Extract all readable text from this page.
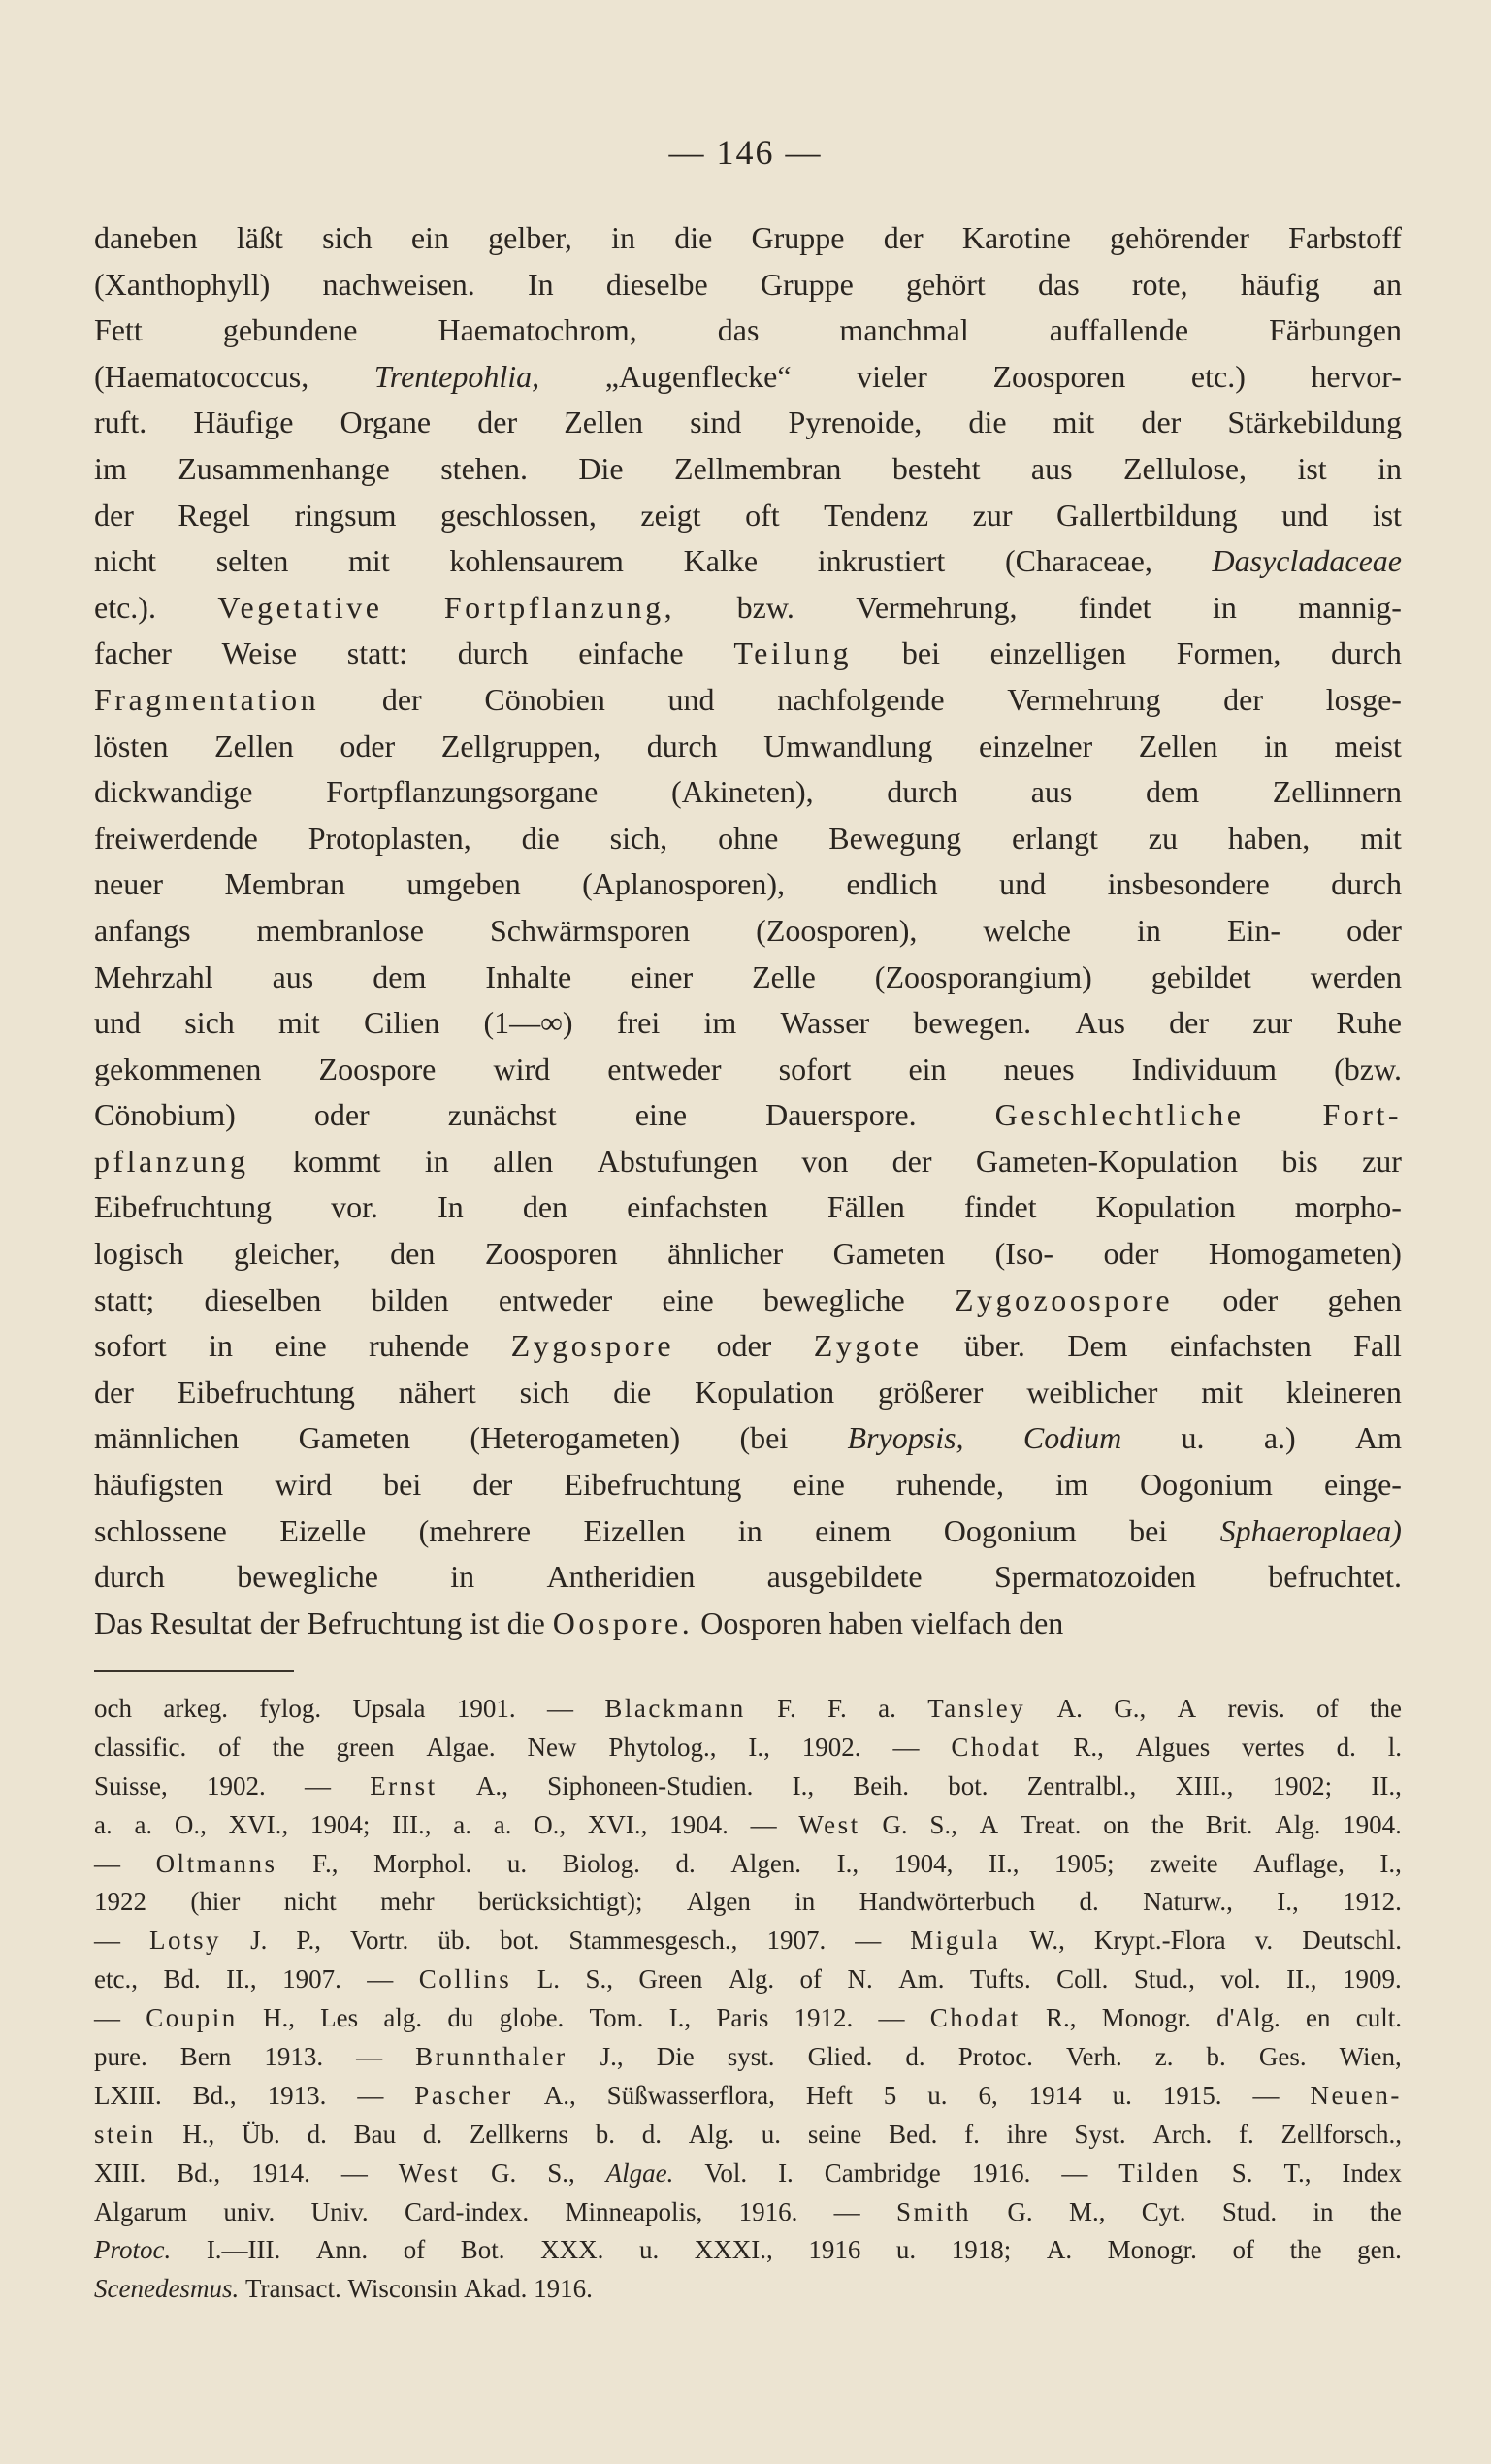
— 146 —
daneben läßt sich ein gelber, in die Gruppe der Karotine gehörender Farbstoff
(Xanthophyll) nachweisen. In dieselbe Gruppe gehört das rote, häufig an
Fett	gebundene	Haematochrom,	das	manchmal	auffallende	Färbungen
(Haematococcus, Trentepohlia, „Augenflecke“ vieler Zoosporen etc.) hervor-
ruft. Häufige Organe der Zellen sind Pyrenoide, die mit der Stärkebildung
im Zusammenhange stehen. Die Zellmembran besteht aus Zellulose, ist in
der Regel ringsum geschlossen, zeigt oft Tendenz zur Gallertbildung und ist
nicht selten mit kohlensaurem Kalke inkrustiert (Characeae, Dasycladaceae
etc.). Vegetative Fortpflanzung, bzw. Vermehrung, findet in mannig-
facher Weise statt: durch einfache Teilung bei einzelligen Formen, durch
Fragmentation der Cönobien und nachfolgende Vermehrung der losge-
lösten Zellen oder Zellgruppen, durch Umwandlung einzelner Zellen in meist
dickwandige Fortpflanzungsorgane (Akineten), durch aus dem Zellinnern
freiwerdende Protoplasten, die sich, ohne Bewegung erlangt zu haben, mit
neuer Membran umgeben (Aplanosporen), endlich und insbesondere durch
anfangs membranlose Schwärmsporen (Zoosporen), welche in Ein- oder
Mehrzahl aus dem Inhalte einer Zelle (Zoosporangium) gebildet werden
und sich mit Cilien (1—∞) frei im Wasser bewegen. Aus der zur Ruhe
gekommenen Zoospore wird entweder sofort ein neues Individuum (bzw.
Cönobium)	oder	zunächst	eine	Dauerspore.	Geschlechtliche	Fort-
pflanzung kommt in allen Abstufungen von der Gameten-Kopulation bis zur
Eibefruchtung vor. In den einfachsten Fällen findet Kopulation morpho-
logisch gleicher, den Zoosporen ähnlicher Gameten (Iso- oder Homogameten)
statt; dieselben bilden entweder eine bewegliche Zygozoospore oder gehen
sofort in eine ruhende Zygospore oder Zygote über. Dem einfachsten Fall
der Eibefruchtung nähert sich die Kopulation größerer weiblicher mit kleineren
männlichen Gameten (Heterogameten) (bei Bryopsis, Codium u. a.) Am
häufigsten wird bei der Eibefruchtung eine ruhende, im Oogonium einge-
schlossene Eizelle (mehrere Eizellen in einem Oogonium bei Sphaeroplaea)
durch bewegliche in Antheridien ausgebildete Spermatozoiden befruchtet.
Das
Resultat
der
Befruchtung
ist
die
Oospore.
Oosporen
haben
vielfach
den
och arkeg. fylog. Upsala 1901. — Blackmann F. F. a. Tansley A. G., A revis. of the
classific. of the green Algae. New Phytolog., I., 1902. — Chodat R., Algues vertes d. l.
Suisse, 1902. — Ernst A., Siphoneen-Studien. I., Beih. bot. Zentralbl., XIII., 1902; II.,
a. a. O., XVI., 1904; III., a. a. O., XVI., 1904. — West G. S., A Treat. on the Brit. Alg. 1904.
— Oltmanns F., Morphol. u. Biolog. d. Algen. I., 1904, II., 1905; zweite Auflage, I.,
1922 (hier nicht mehr berücksichtigt); Algen in Handwörterbuch d. Naturw., I., 1912.
— Lotsy J. P., Vortr. üb. bot. Stammesgesch., 1907. — Migula W., Krypt.-Flora v. Deutschl.
etc., Bd. II., 1907. — Collins L. S., Green Alg. of N. Am. Tufts. Coll. Stud., vol. II., 1909.
— Coupin H., Les alg. du globe. Tom. I., Paris 1912. — Chodat R., Monogr. d'Alg. en cult.
pure. Bern 1913. — Brunnthaler J., Die syst. Glied. d. Protoc. Verh. z. b. Ges. Wien,
LXIII. Bd., 1913. — Pascher A., Süßwasserflora, Heft 5 u. 6, 1914 u. 1915. — Neuen-
stein H., Üb. d. Bau d. Zellkerns b. d. Alg. u. seine Bed. f. ihre Syst. Arch. f. Zellforsch.,
XIII. Bd., 1914. — West G. S., Algae. Vol. I. Cambridge 1916. — Tilden S. T., Index
Algarum univ. Univ. Card-index. Minneapolis, 1916. — Smith G. M., Cyt. Stud. in the
Protoc. I.—III. Ann. of Bot. XXX. u. XXXI., 1916 u. 1918; A. Monogr. of the gen.
Scenedesmus.
Transact.
Wisconsin
Akad.
1916.
